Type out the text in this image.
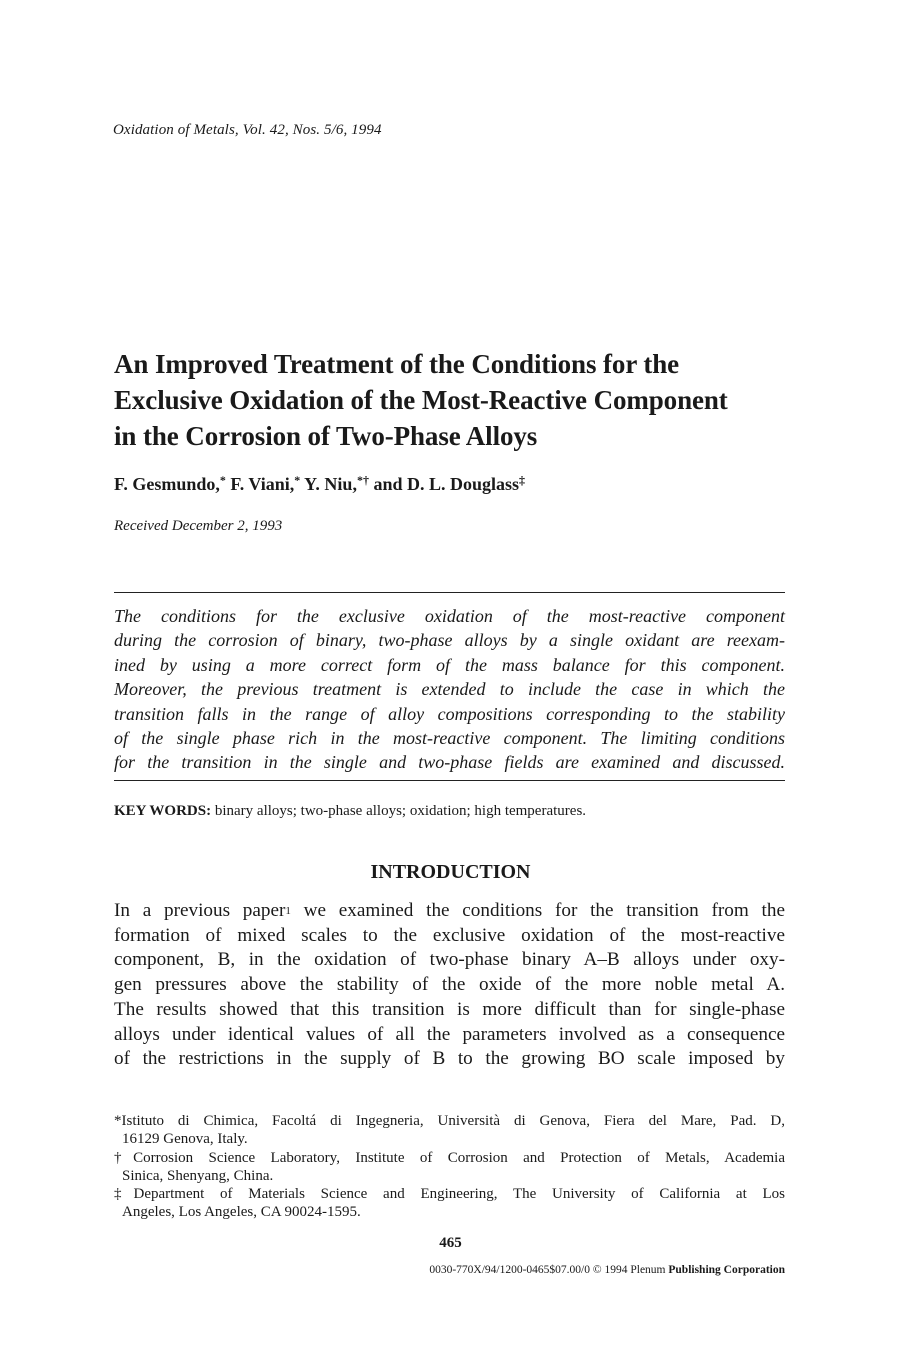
Oxidation of Metals, Vol. 42, Nos. 5/6, 1994
An Improved Treatment of the Conditions for the
Exclusive Oxidation of the Most-Reactive Component
in the Corrosion of Two-Phase Alloys
F. Gesmundo,* F. Viani,* Y. Niu,*† and D. L. Douglass‡
Received December 2, 1993
The conditions for the exclusive oxidation of the most-reactive component
during the corrosion of binary, two-phase alloys by a single oxidant are reexam-
ined by using a more correct form of the mass balance for this component.
Moreover, the previous treatment is extended to include the case in which the
transition falls in the range of alloy compositions corresponding to the stability
of the single phase rich in the most-reactive component. The limiting conditions
for the transition in the single and two-phase fields are examined and discussed.
KEY WORDS: binary alloys; two-phase alloys; oxidation; high temperatures.
INTRODUCTION
In a previous paper$^1$ we examined the conditions for the transition from the
formation of mixed scales to the exclusive oxidation of the most-reactive
component, B, in the oxidation of two-phase binary A–B alloys under oxy-
gen pressures above the stability of the oxide of the more noble metal A.
The results showed that this transition is more difficult than for single-phase
alloys under identical values of all the parameters involved as a consequence
of the restrictions in the supply of B to the growing BO scale imposed by
*Istituto di Chimica, Facoltá di Ingegneria, Università di Genova, Fiera del Mare, Pad. D,
16129 Genova, Italy.
†Corrosion Science Laboratory, Institute of Corrosion and Protection of Metals, Academia
Sinica, Shenyang, China.
‡Department of Materials Science and Engineering, The University of California at Los
Angeles, Los Angeles, CA 90024-1595.
465
0030-770X/94/1200-0465$07.00/0 © 1994 Plenum Publishing Corporation
